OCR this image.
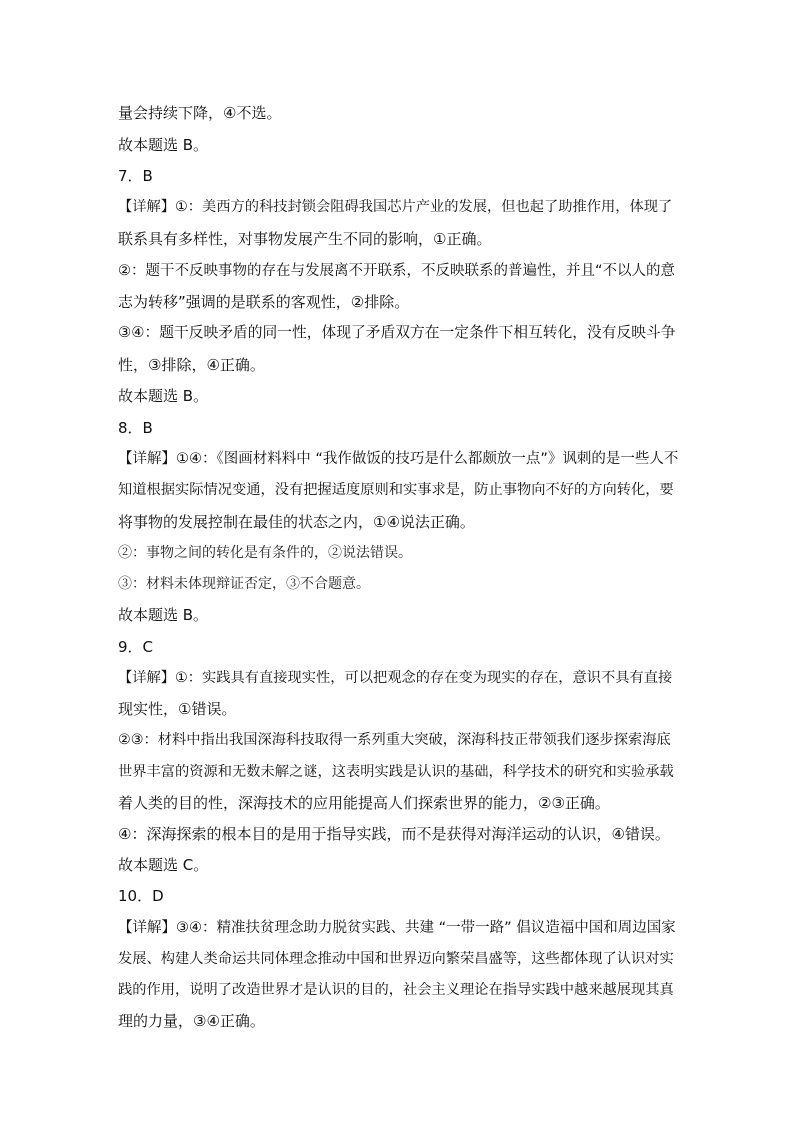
量会持续下降，④不选。

故本题选 B。

7．B

【详解】①：美西方的科技封锁会阻碍我国芯片产业的发展，但也起了助推作用，体现了

联系具有多样性，对事物发展产生不同的影响，①正确。

②：题干不反映事物的存在与发展离不开联系，不反映联系的普遍性，并且“不以人的意

志为转移”强调的是联系的客观性，②排除。

③④：题干反映矛盾的同一性，体现了矛盾双方在一定条件下相互转化，没有反映斗争

性，③排除，④正确。

故本题选 B。

8．B

【详解】①④：《图画材料料中 “我作做饭的技巧是什么都颇放一点”》讽刺的是一些人不

知道根据实际情况变通，没有把握适度原则和实事求是，防止事物向不好的方向转化，要

将事物的发展控制在最佳的状态之内，①④说法正确。

②：事物之间的转化是有条件的，②说法错误。

③：材料未体现辩证否定，③不合题意。

故本题选 B。

9．C

【详解】①：实践具有直接现实性，可以把观念的存在变为现实的存在，意识不具有直接

现实性，①错误。

②③：材料中指出我国深海科技取得一系列重大突破，深海科技正带领我们逐步探索海底

世界丰富的资源和无数未解之谜，这表明实践是认识的基础，科学技术的研究和实验承载

着人类的目的性，深海技术的应用能提高人们探索世界的能力，②③正确。

④：深海探索的根本目的是用于指导实践，而不是获得对海洋运动的认识，④错误。

故本题选 C。

10．D

【详解】③④：精准扶贫理念助力脱贫实践、共建 “一带一路” 倡议造福中国和周边国家

发展、构建人类命运共同体理念推动中国和世界迈向繁荣昌盛等，这些都体现了认识对实

践的作用，说明了改造世界才是认识的目的，社会主义理论在指导实践中越来越展现其真

理的力量，③④正确。
